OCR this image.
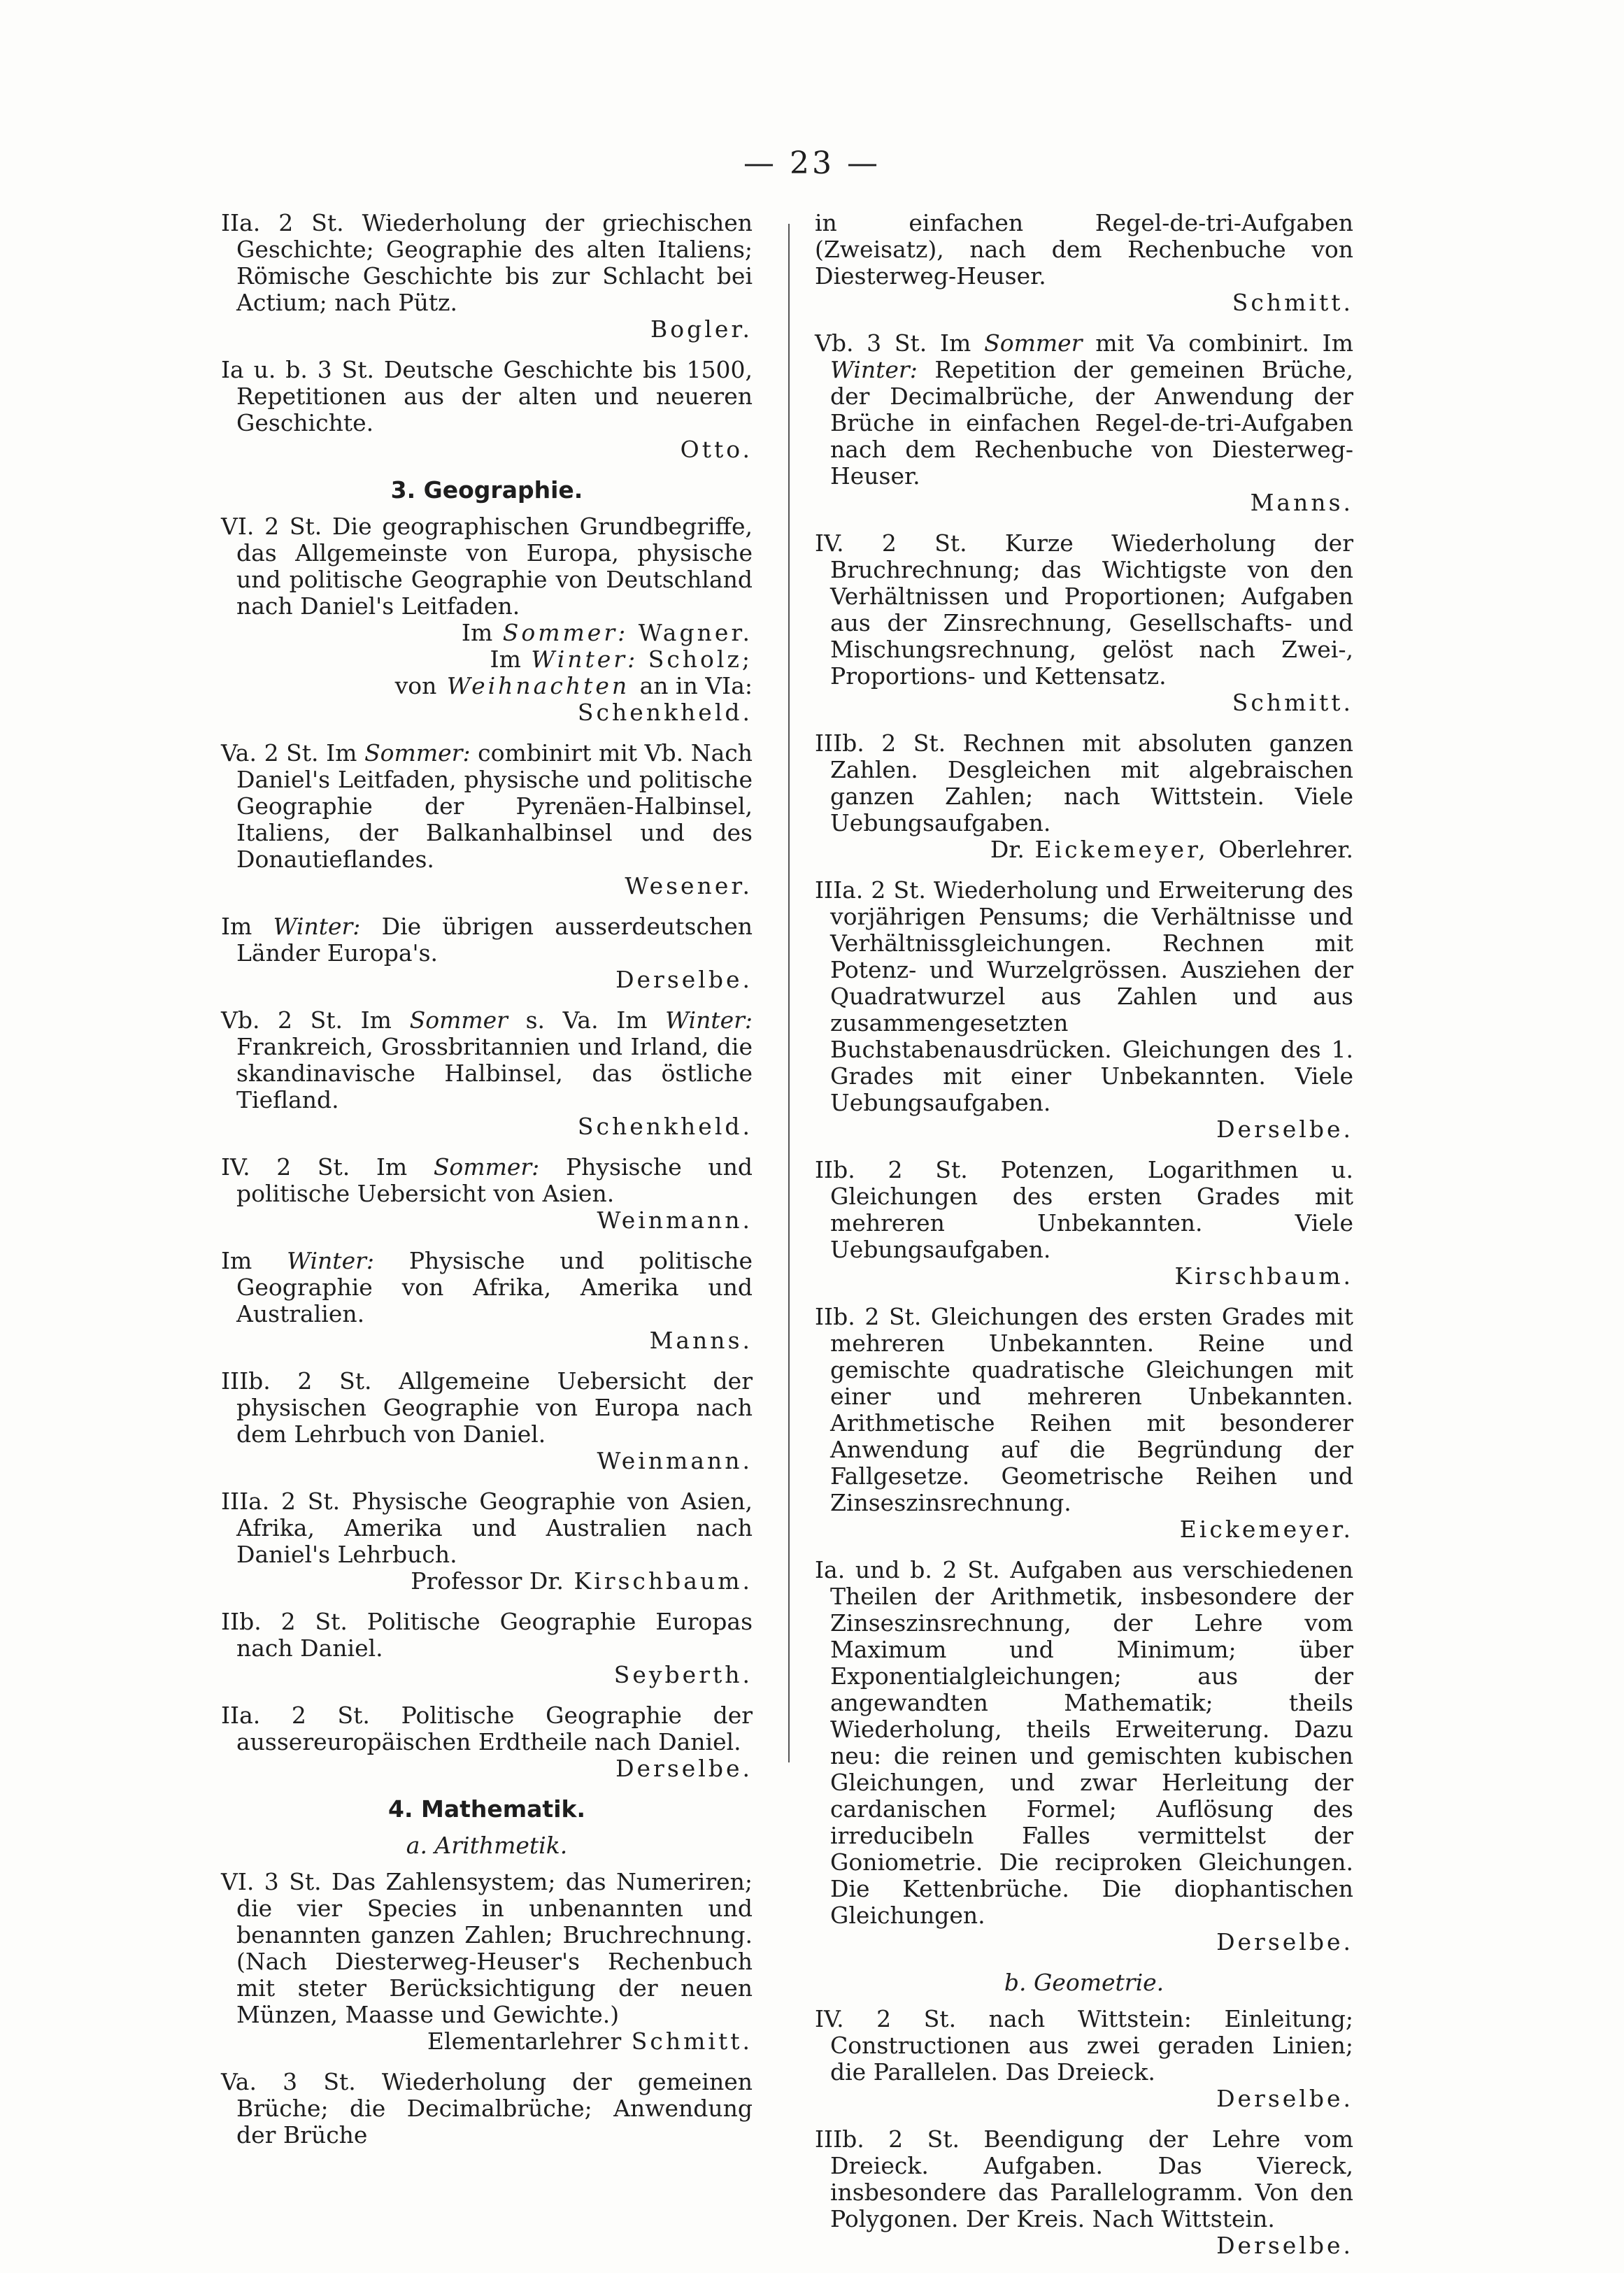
— 23 —

IIa. 2 St. Wiederholung der griechischen Geschichte; Geographie des alten Italiens; Römische Geschichte bis zur Schlacht bei Actium; nach Pütz.

Bogler.

Ia u. b. 3 St. Deutsche Geschichte bis 1500, Repetitionen aus der alten und neueren Geschichte.

Otto.
3. Geographie.

VI. 2 St. Die geographischen Grundbegriffe, das Allgemeinste von Europa, physische und politische Geographie von Deutschland nach Daniel's Leitfaden.

Im Sommer: Wagner.
Im Winter: Scholz;
von Weihnachten an in VIa: Schenkheld.

Va. 2 St. Im Sommer: combinirt mit Vb. Nach Daniel's Leitfaden, physische und politische Geographie der Pyrenäen-Halbinsel, Italiens, der Balkanhalbinsel und des Donautieflandes.

Wesener.

Im Winter: Die übrigen ausserdeutschen Länder Europa's.

Derselbe.

Vb. 2 St. Im Sommer s. Va. Im Winter: Frankreich, Grossbritannien und Irland, die skandinavische Halbinsel, das östliche Tiefland.

Schenkheld.

IV. 2 St. Im Sommer: Physische und politische Uebersicht von Asien.

Weinmann.

Im Winter: Physische und politische Geographie von Afrika, Amerika und Australien.

Manns.

IIIb. 2 St. Allgemeine Uebersicht der physischen Geographie von Europa nach dem Lehrbuch von Daniel.

Weinmann.

IIIa. 2 St. Physische Geographie von Asien, Afrika, Amerika und Australien nach Daniel's Lehrbuch.

Professor Dr. Kirschbaum.

IIb. 2 St. Politische Geographie Europas nach Daniel.

Seyberth.

IIa. 2 St. Politische Geographie der aussereuropäischen Erdtheile nach Daniel.

Derselbe.
4. Mathematik.
a. Arithmetik.

VI. 3 St. Das Zahlensystem; das Numeriren; die vier Species in unbenannten und benannten ganzen Zahlen; Bruchrechnung. (Nach Diesterweg-Heuser's Rechenbuch mit steter Berücksichtigung der neuen Münzen, Maasse und Gewichte.)

Elementarlehrer Schmitt.

Va. 3 St. Wiederholung der gemeinen Brüche; die Decimalbrüche; Anwendung der Brüche

in einfachen Regel-de-tri-Aufgaben (Zweisatz), nach dem Rechenbuche von Diesterweg-Heuser.

Schmitt.

Vb. 3 St. Im Sommer mit Va combinirt. Im Winter: Repetition der gemeinen Brüche, der Decimalbrüche, der Anwendung der Brüche in einfachen Regel-de-tri-Aufgaben nach dem Rechenbuche von Diesterweg-Heuser.

Manns.

IV. 2 St. Kurze Wiederholung der Bruchrechnung; das Wichtigste von den Verhältnissen und Proportionen; Aufgaben aus der Zinsrechnung, Gesellschafts- und Mischungsrechnung, gelöst nach Zwei-, Proportions- und Kettensatz.

Schmitt.

IIIb. 2 St. Rechnen mit absoluten ganzen Zahlen. Desgleichen mit algebraischen ganzen Zahlen; nach Wittstein. Viele Uebungsaufgaben.

Dr. Eickemeyer, Oberlehrer.

IIIa. 2 St. Wiederholung und Erweiterung des vorjährigen Pensums; die Verhältnisse und Verhältnissgleichungen. Rechnen mit Potenz- und Wurzelgrössen. Ausziehen der Quadratwurzel aus Zahlen und aus zusammengesetzten Buchstabenausdrücken. Gleichungen des 1. Grades mit einer Unbekannten. Viele Uebungsaufgaben.

Derselbe.

IIb. 2 St. Potenzen, Logarithmen u. Gleichungen des ersten Grades mit mehreren Unbekannten. Viele Uebungsaufgaben.

Kirschbaum.

IIb. 2 St. Gleichungen des ersten Grades mit mehreren Unbekannten. Reine und gemischte quadratische Gleichungen mit einer und mehreren Unbekannten. Arithmetische Reihen mit besonderer Anwendung auf die Begründung der Fallgesetze. Geometrische Reihen und Zinseszinsrechnung.

Eickemeyer.

Ia. und b. 2 St. Aufgaben aus verschiedenen Theilen der Arithmetik, insbesondere der Zinseszinsrechnung, der Lehre vom Maximum und Minimum; über Exponentialgleichungen; aus der angewandten Mathematik; theils Wiederholung, theils Erweiterung. Dazu neu: die reinen und gemischten kubischen Gleichungen, und zwar Herleitung der cardanischen Formel; Auflösung des irreducibeln Falles vermittelst der Goniometrie. Die reciproken Gleichungen. Die Kettenbrüche. Die diophantischen Gleichungen.

Derselbe.
b. Geometrie.

IV. 2 St. nach Wittstein: Einleitung; Constructionen aus zwei geraden Linien; die Parallelen. Das Dreieck.

Derselbe.

IIIb. 2 St. Beendigung der Lehre vom Dreieck. Aufgaben. Das Viereck, insbesondere das Parallelogramm. Von den Polygonen. Der Kreis. Nach Wittstein.

Derselbe.
